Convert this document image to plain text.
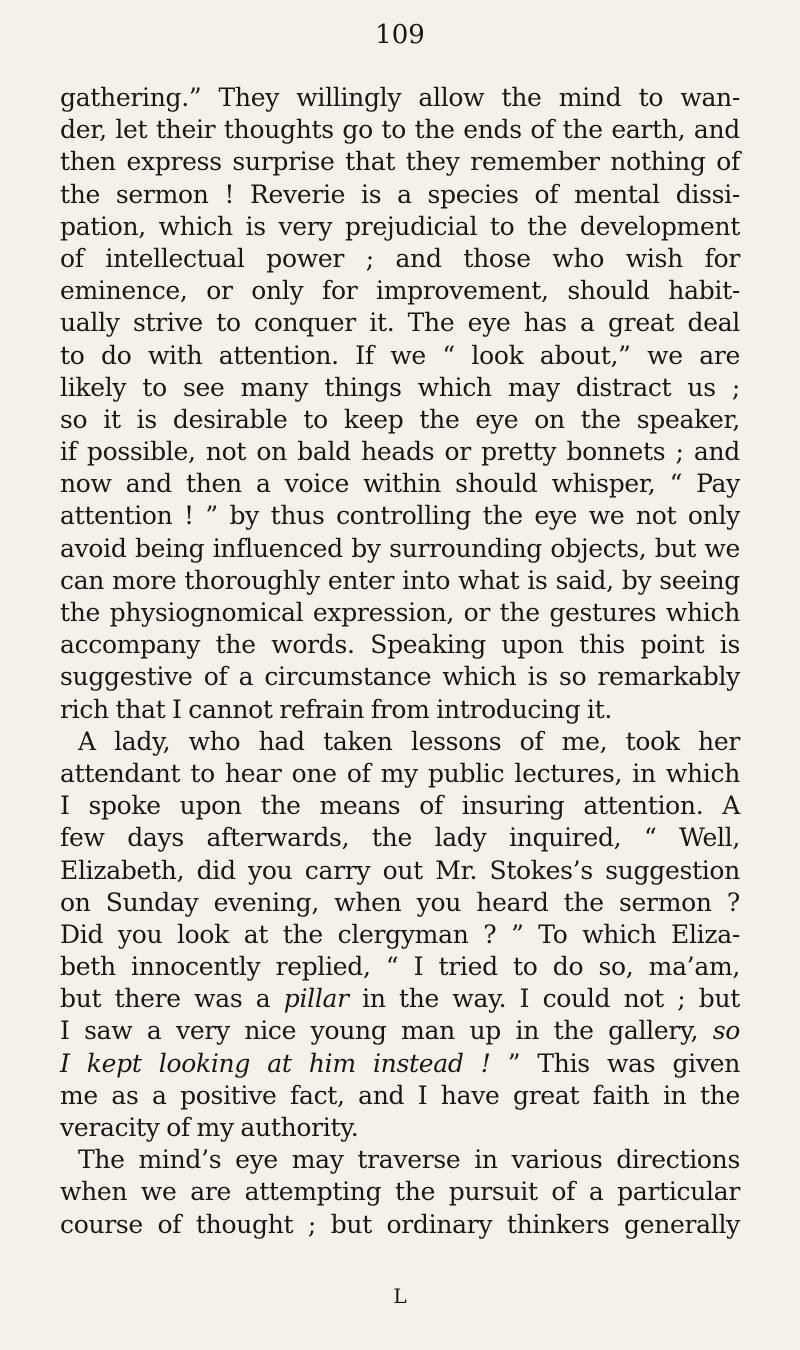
109
gathering.” They willingly allow the mind to wan-
der, let their thoughts go to the ends of the earth, and
then express surprise that they remember nothing of
the sermon ! Reverie is a species of mental dissi-
pation, which is very prejudicial to the development
of intellectual power ; and those who wish for
eminence, or only for improvement, should habit-
ually strive to conquer it. The eye has a great deal
to do with attention. If we “ look about,” we are
likely to see many things which may distract us ;
so it is desirable to keep the eye on the speaker,
if possible, not on bald heads or pretty bonnets ; and
now and then a voice within should whisper, “ Pay
attention ! ” by thus controlling the eye we not only
avoid being influenced by surrounding objects, but we
can more thoroughly enter into what is said, by seeing
the physiognomical expression, or the gestures which
accompany the words. Speaking upon this point is
suggestive of a circumstance which is so remarkably
rich that I cannot refrain from introducing it.
A lady, who had taken lessons of me, took her
attendant to hear one of my public lectures, in which
I spoke upon the means of insuring attention. A
few days afterwards, the lady inquired, “ Well,
Elizabeth, did you carry out Mr. Stokes’s suggestion
on Sunday evening, when you heard the sermon ?
Did you look at the clergyman ? ” To which Eliza-
beth innocently replied, “ I tried to do so, ma’am,
but there was a pillar in the way. I could not ; but
I saw a very nice young man up in the gallery, so
I kept looking at him instead ! ” This was given
me as a positive fact, and I have great faith in the
veracity of my authority.
The mind’s eye may traverse in various directions
when we are attempting the pursuit of a particular
course of thought ; but ordinary thinkers generally
L
